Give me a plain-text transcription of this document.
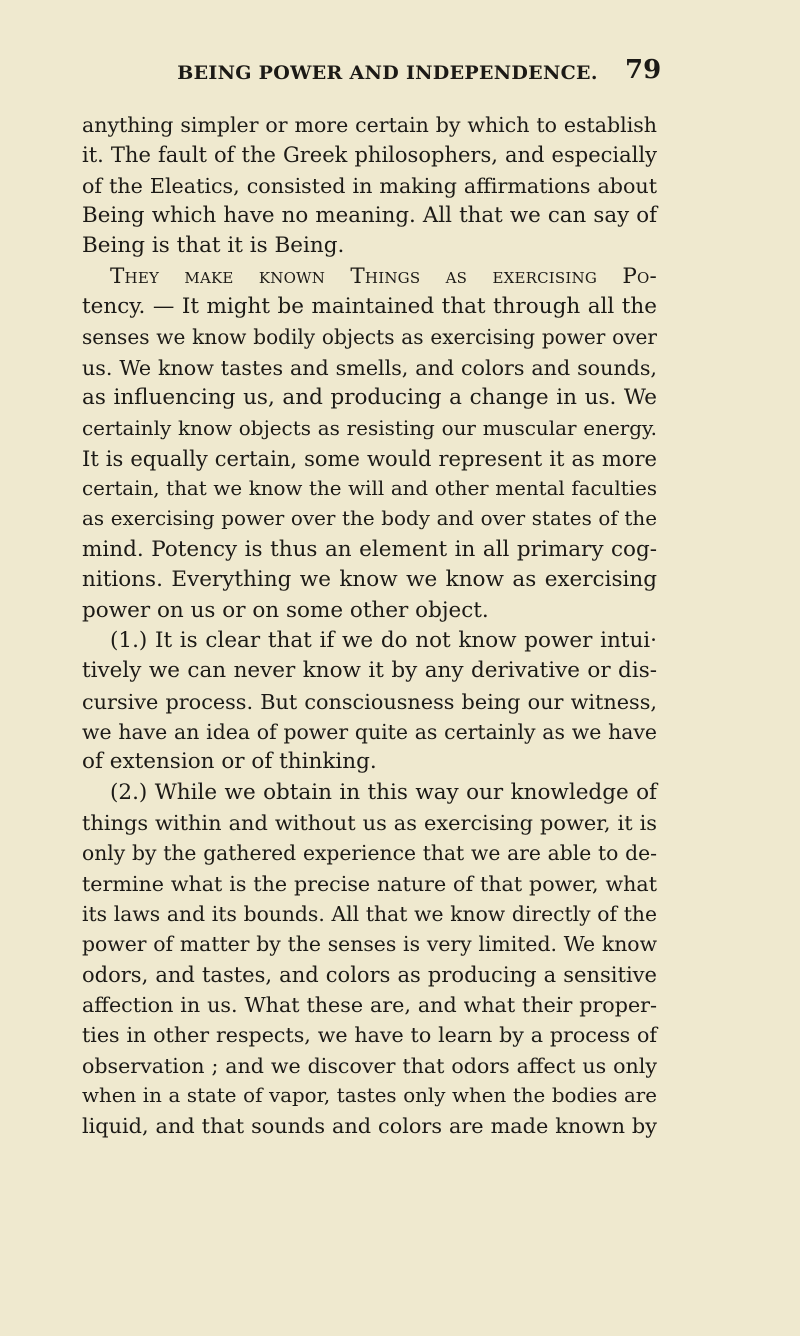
BEING POWER AND INDEPENDENCE.	79
anything simpler or more certain by which to establish
it. The fault of the Greek philosophers, and especially
of the Eleatics, consisted in making affirmations about
Being which have no meaning. All that we can say of
Being is that it is Being.
They make known Things as exercising Po-
tency. — It might be maintained that through all the
senses we know bodily objects as exercising power over
us. We know tastes and smells, and colors and sounds,
as influencing us, and producing a change in us. We
certainly know objects as resisting our muscular energy.
It is equally certain, some would represent it as more
certain, that we know the will and other mental faculties
as exercising power over the body and over states of the
mind. Potency is thus an element in all primary cog-
nitions. Everything we know we know as exercising
power on us or on some other object.
(1.) It is clear that if we do not know power intui·
tively we can never know it by any derivative or dis-
cursive process. But consciousness being our witness,
we have an idea of power quite as certainly as we have
of extension or of thinking.
(2.) While we obtain in this way our knowledge of
things within and without us as exercising power, it is
only by the gathered experience that we are able to de-
termine what is the precise nature of that power, what
its laws and its bounds. All that we know directly of the
power of matter by the senses is very limited. We know
odors, and tastes, and colors as producing a sensitive
affection in us. What these are, and what their proper-
ties in other respects, we have to learn by a process of
observation ; and we discover that odors affect us only
when in a state of vapor, tastes only when the bodies are
liquid, and that sounds and colors are made known by
